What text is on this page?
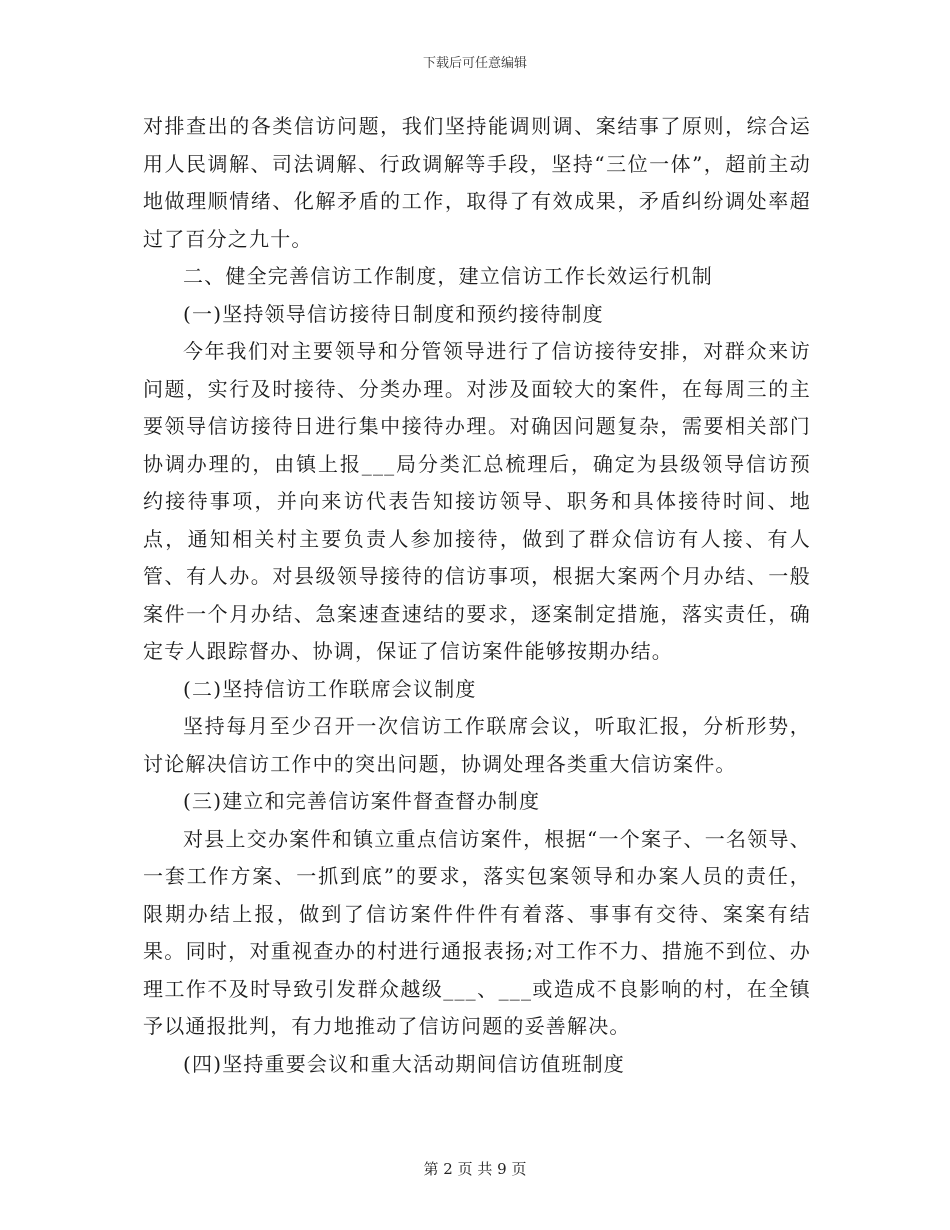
下载后可任意编辑

对排查出的各类信访问题，我们坚持能调则调、案结事了原则，综合运用人民调解、司法调解、行政调解等手段，坚持“三位一体”，超前主动地做理顺情绪、化解矛盾的工作，取得了有效成果，矛盾纠纷调处率超过了百分之九十。

二、健全完善信访工作制度，建立信访工作长效运行机制

(一)坚持领导信访接待日制度和预约接待制度

今年我们对主要领导和分管领导进行了信访接待安排，对群众来访问题，实行及时接待、分类办理。对涉及面较大的案件，在每周三的主要领导信访接待日进行集中接待办理。对确因问题复杂，需要相关部门协调办理的，由镇上报___局分类汇总梳理后，确定为县级领导信访预约接待事项，并向来访代表告知接访领导、职务和具体接待时间、地点，通知相关村主要负责人参加接待，做到了群众信访有人接、有人管、有人办。对县级领导接待的信访事项，根据大案两个月办结、一般案件一个月办结、急案速查速结的要求，逐案制定措施，落实责任，确定专人跟踪督办、协调，保证了信访案件能够按期办结。

(二)坚持信访工作联席会议制度

坚持每月至少召开一次信访工作联席会议，听取汇报，分析形势，讨论解决信访工作中的突出问题，协调处理各类重大信访案件。

(三)建立和完善信访案件督查督办制度

对县上交办案件和镇立重点信访案件，根据“一个案子、一名领导、一套工作方案、一抓到底”的要求，落实包案领导和办案人员的责任，限期办结上报，做到了信访案件件件有着落、事事有交待、案案有结果。同时，对重视查办的村进行通报表扬;对工作不力、措施不到位、办理工作不及时导致引发群众越级___、___或造成不良影响的村，在全镇予以通报批判，有力地推动了信访问题的妥善解决。

(四)坚持重要会议和重大活动期间信访值班制度

第 2 页 共 9 页
